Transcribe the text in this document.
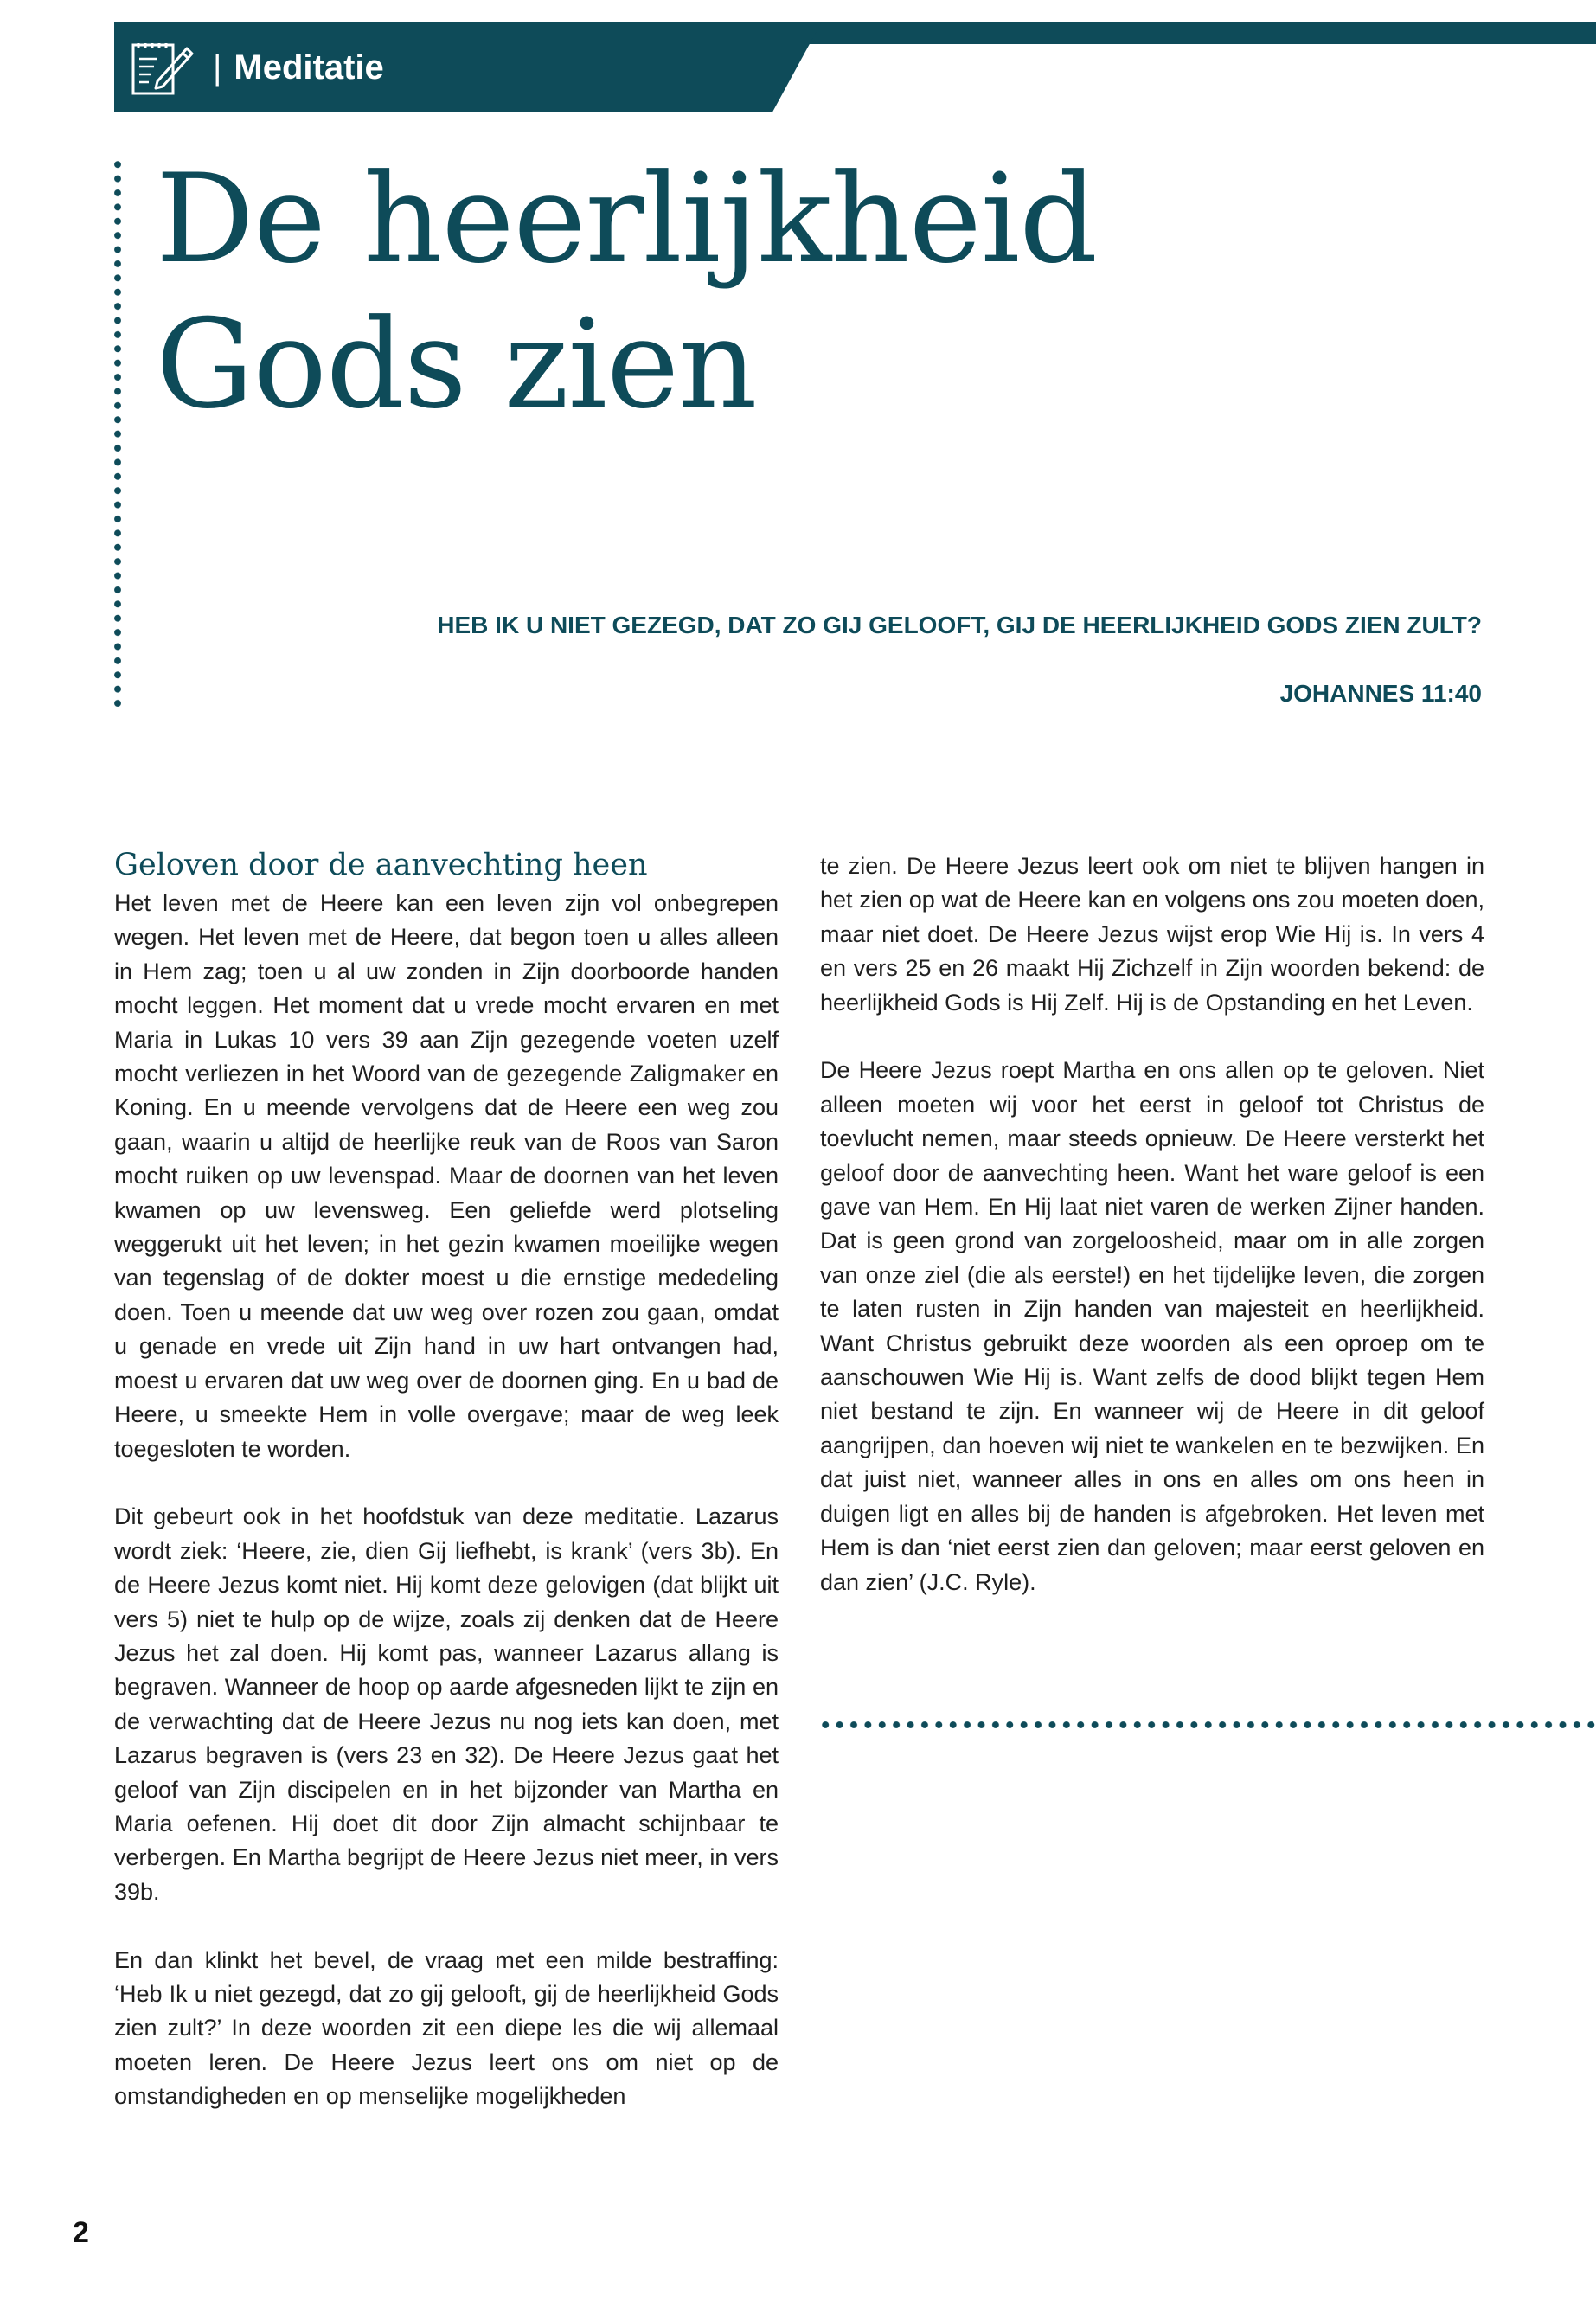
| Meditatie
De heerlijkheid
Gods zien

HEB IK U NIET GEZEGD, DAT ZO GIJ GELOOFT, GIJ DE HEERLIJKHEID GODS ZIEN ZULT?

JOHANNES 11:40

Geloven door de aanvechting heen

Het leven met de Heere kan een leven zijn vol onbegrepen wegen. Het leven met de Heere, dat begon toen u alles alleen in Hem zag; toen u al uw zonden in Zijn doorboorde handen mocht leggen. Het moment dat u vrede mocht ervaren en met Maria in Lukas 10 vers 39 aan Zijn gezegende voeten uzelf mocht verliezen in het Woord van de gezegende Zaligmaker en Koning. En u meende vervolgens dat de Heere een weg zou gaan, waarin u altijd de heerlijke reuk van de Roos van Saron mocht ruiken op uw levenspad. Maar de doornen van het leven kwamen op uw levensweg. Een geliefde werd plotseling weggerukt uit het leven; in het gezin kwamen moeilijke wegen van tegenslag of de dokter moest u die ernstige mededeling doen. Toen u meende dat uw weg over rozen zou gaan, omdat u genade en vrede uit Zijn hand in uw hart ontvangen had, moest u ervaren dat uw weg over de doornen ging. En u bad de Heere, u smeekte Hem in volle overgave; maar de weg leek toegesloten te worden.

Dit gebeurt ook in het hoofdstuk van deze meditatie. Lazarus wordt ziek: ‘Heere, zie, dien Gij liefhebt, is krank’ (vers 3b). En de Heere Jezus komt niet. Hij komt deze gelovigen (dat blijkt uit vers 5) niet te hulp op de wijze, zoals zij denken dat de Heere Jezus het zal doen. Hij komt pas, wanneer Lazarus allang is begraven. Wanneer de hoop op aarde afgesneden lijkt te zijn en de verwachting dat de Heere Jezus nu nog iets kan doen, met Lazarus begraven is (vers 23 en 32). De Heere Jezus gaat het geloof van Zijn discipelen en in het bijzonder van Martha en Maria oefenen. Hij doet dit door Zijn almacht schijnbaar te verbergen. En Martha begrijpt de Heere Jezus niet meer, in vers 39b.

En dan klinkt het bevel, de vraag met een milde bestraffing: ‘Heb Ik u niet gezegd, dat zo gij gelooft, gij de heerlijkheid Gods zien zult?’ In deze woorden zit een diepe les die wij allemaal moeten leren. De Heere Jezus leert ons om niet op de omstandigheden en op menselijke mogelijkheden

te zien. De Heere Jezus leert ook om niet te blijven hangen in het zien op wat de Heere kan en volgens ons zou moeten doen, maar niet doet. De Heere Jezus wijst erop Wie Hij is. In vers 4 en vers 25 en 26 maakt Hij Zichzelf in Zijn woorden bekend: de heerlijkheid Gods is Hij Zelf. Hij is de Opstanding en het Leven.

De Heere Jezus roept Martha en ons allen op te geloven. Niet alleen moeten wij voor het eerst in geloof tot Christus de toevlucht nemen, maar steeds opnieuw. De Heere versterkt het geloof door de aanvechting heen. Want het ware geloof is een gave van Hem. En Hij laat niet varen de werken Zijner handen. Dat is geen grond van zorgeloosheid, maar om in alle zorgen van onze ziel (die als eerste!) en het tijdelijke leven, die zorgen te laten rusten in Zijn handen van majesteit en heerlijkheid. Want Christus gebruikt deze woorden als een oproep om te aanschouwen Wie Hij is. Want zelfs de dood blijkt tegen Hem niet bestand te zijn. En wanneer wij de Heere in dit geloof aangrijpen, dan hoeven wij niet te wankelen en te bezwijken. En dat juist niet, wanneer alles in ons en alles om ons heen in duigen ligt en alles bij de handen is afgebroken. Het leven met Hem is dan ‘niet eerst zien dan geloven; maar eerst geloven en dan zien’ (J.C. Ryle).

2
